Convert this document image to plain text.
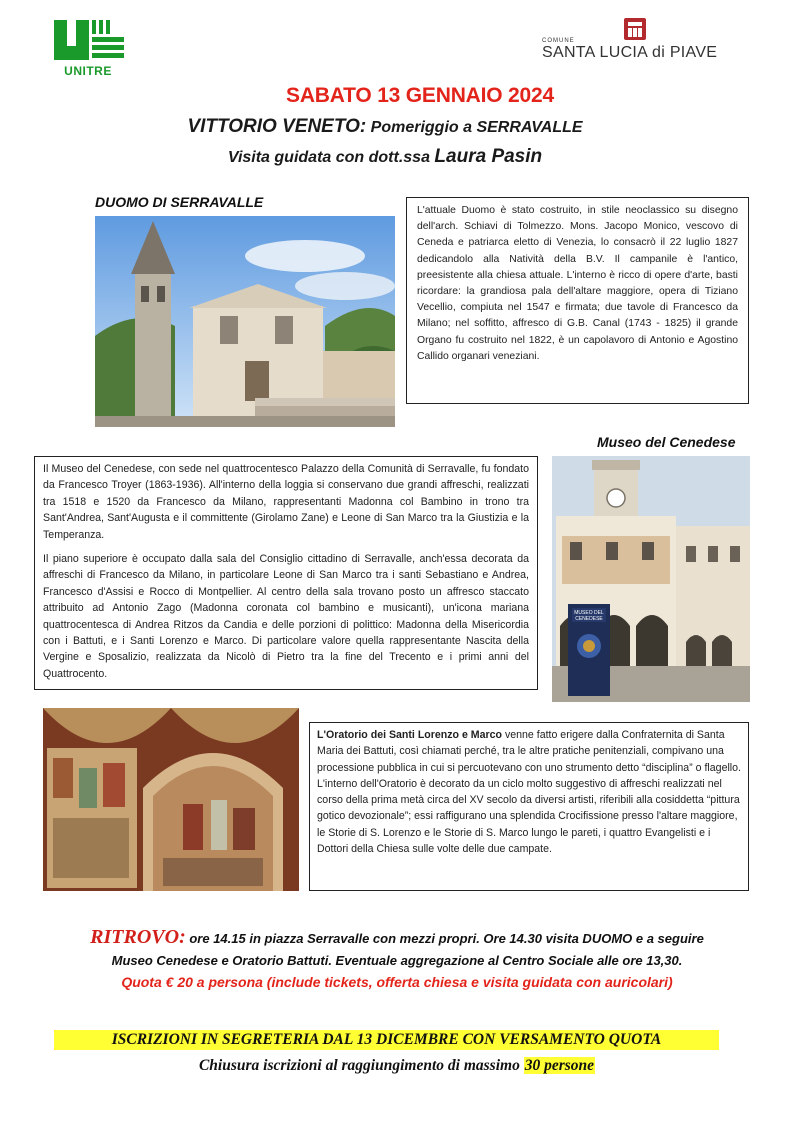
UNITRE
COMUNE
SANTA LUCIA di PIAVE
SABATO 13 GENNAIO 2024
VITTORIO VENETO: Pomeriggio a SERRAVALLE
Visita guidata con dott.ssa Laura Pasin
DUOMO DI SERRAVALLE

L'attuale Duomo è stato costruito, in stile neoclassico su disegno dell'arch. Schiavi di Tolmezzo. Mons. Jacopo Monico, vescovo di Ceneda e patriarca eletto di Venezia, lo consacrò il 22 luglio 1827 dedicandolo alla Natività della B.V. Il campanile è l'antico, preesistente alla chiesa attuale. L'interno è ricco di opere d'arte, basti ricordare: la grandiosa pala dell'altare maggiore, opera di Tiziano Vecellio, compiuta nel 1547 e firmata; due tavole di Francesco da Milano; nel soffitto, affresco di G.B. Canal (1743 - 1825) il grande Organo fu costruito nel 1822, è un capolavoro di Antonio e Agostino Callido organari veneziani.

Museo del Cenedese

Il Museo del Cenedese, con sede nel quattrocentesco Palazzo della Comunità di Serravalle, fu fondato da Francesco Troyer (1863-1936). All'interno della loggia si conservano due grandi affreschi, realizzati tra 1518 e 1520 da Francesco da Milano, rappresentanti Madonna col Bambino in trono tra Sant'Andrea, Sant'Augusta e il committente (Girolamo Zane) e Leone di San Marco tra la Giustizia e la Temperanza.

Il piano superiore è occupato dalla sala del Consiglio cittadino di Serravalle, anch'essa decorata da affreschi di Francesco da Milano, in particolare Leone di San Marco tra i santi Sebastiano e Andrea, Francesco d'Assisi e Rocco di Montpellier. Al centro della sala trovano posto un affresco staccato attribuito ad Antonio Zago (Madonna coronata col bambino e musicanti), un'icona mariana quattrocentesca di Andrea Ritzos da Candia e delle porzioni di polittico: Madonna della Misericordia con i Battuti, e i Santi Lorenzo e Marco. Di particolare valore quella rappresentante Nascita della Vergine e Sposalizio, realizzata da Nicolò di Pietro tra la fine del Trecento e i primi anni del Quattrocento.

MUSEO DEL
CENEDESE

L'Oratorio dei Santi Lorenzo e Marco venne fatto erigere dalla Confraternita di Santa Maria dei Battuti, così chiamati perché, tra le altre pratiche penitenziali, compivano una processione pubblica in cui si percuotevano con uno strumento detto “disciplina” o flagello. L'interno dell'Oratorio è decorato da un ciclo molto suggestivo di affreschi realizzati nel corso della prima metà circa del XV secolo da diversi artisti, riferibili alla cosiddetta “pittura gotico devozionale”; essi raffigurano una splendida Crocifissione presso l'altare maggiore, le Storie di S. Lorenzo e le Storie di S. Marco lungo le pareti, i quattro Evangelisti e i Dottori della Chiesa sulle volte delle due campate.

RITROVO: ore 14.15 in piazza Serravalle con mezzi propri. Ore 14.30 visita DUOMO e a seguire
Museo Cenedese e Oratorio Battuti. Eventuale aggregazione al Centro Sociale alle ore 13,30.
Quota € 20 a persona (include tickets, offerta chiesa e visita guidata con auricolari)
ISCRIZIONI IN SEGRETERIA DAL 13 DICEMBRE CON VERSAMENTO QUOTA
Chiusura iscrizioni al raggiungimento di massimo 30 persone
